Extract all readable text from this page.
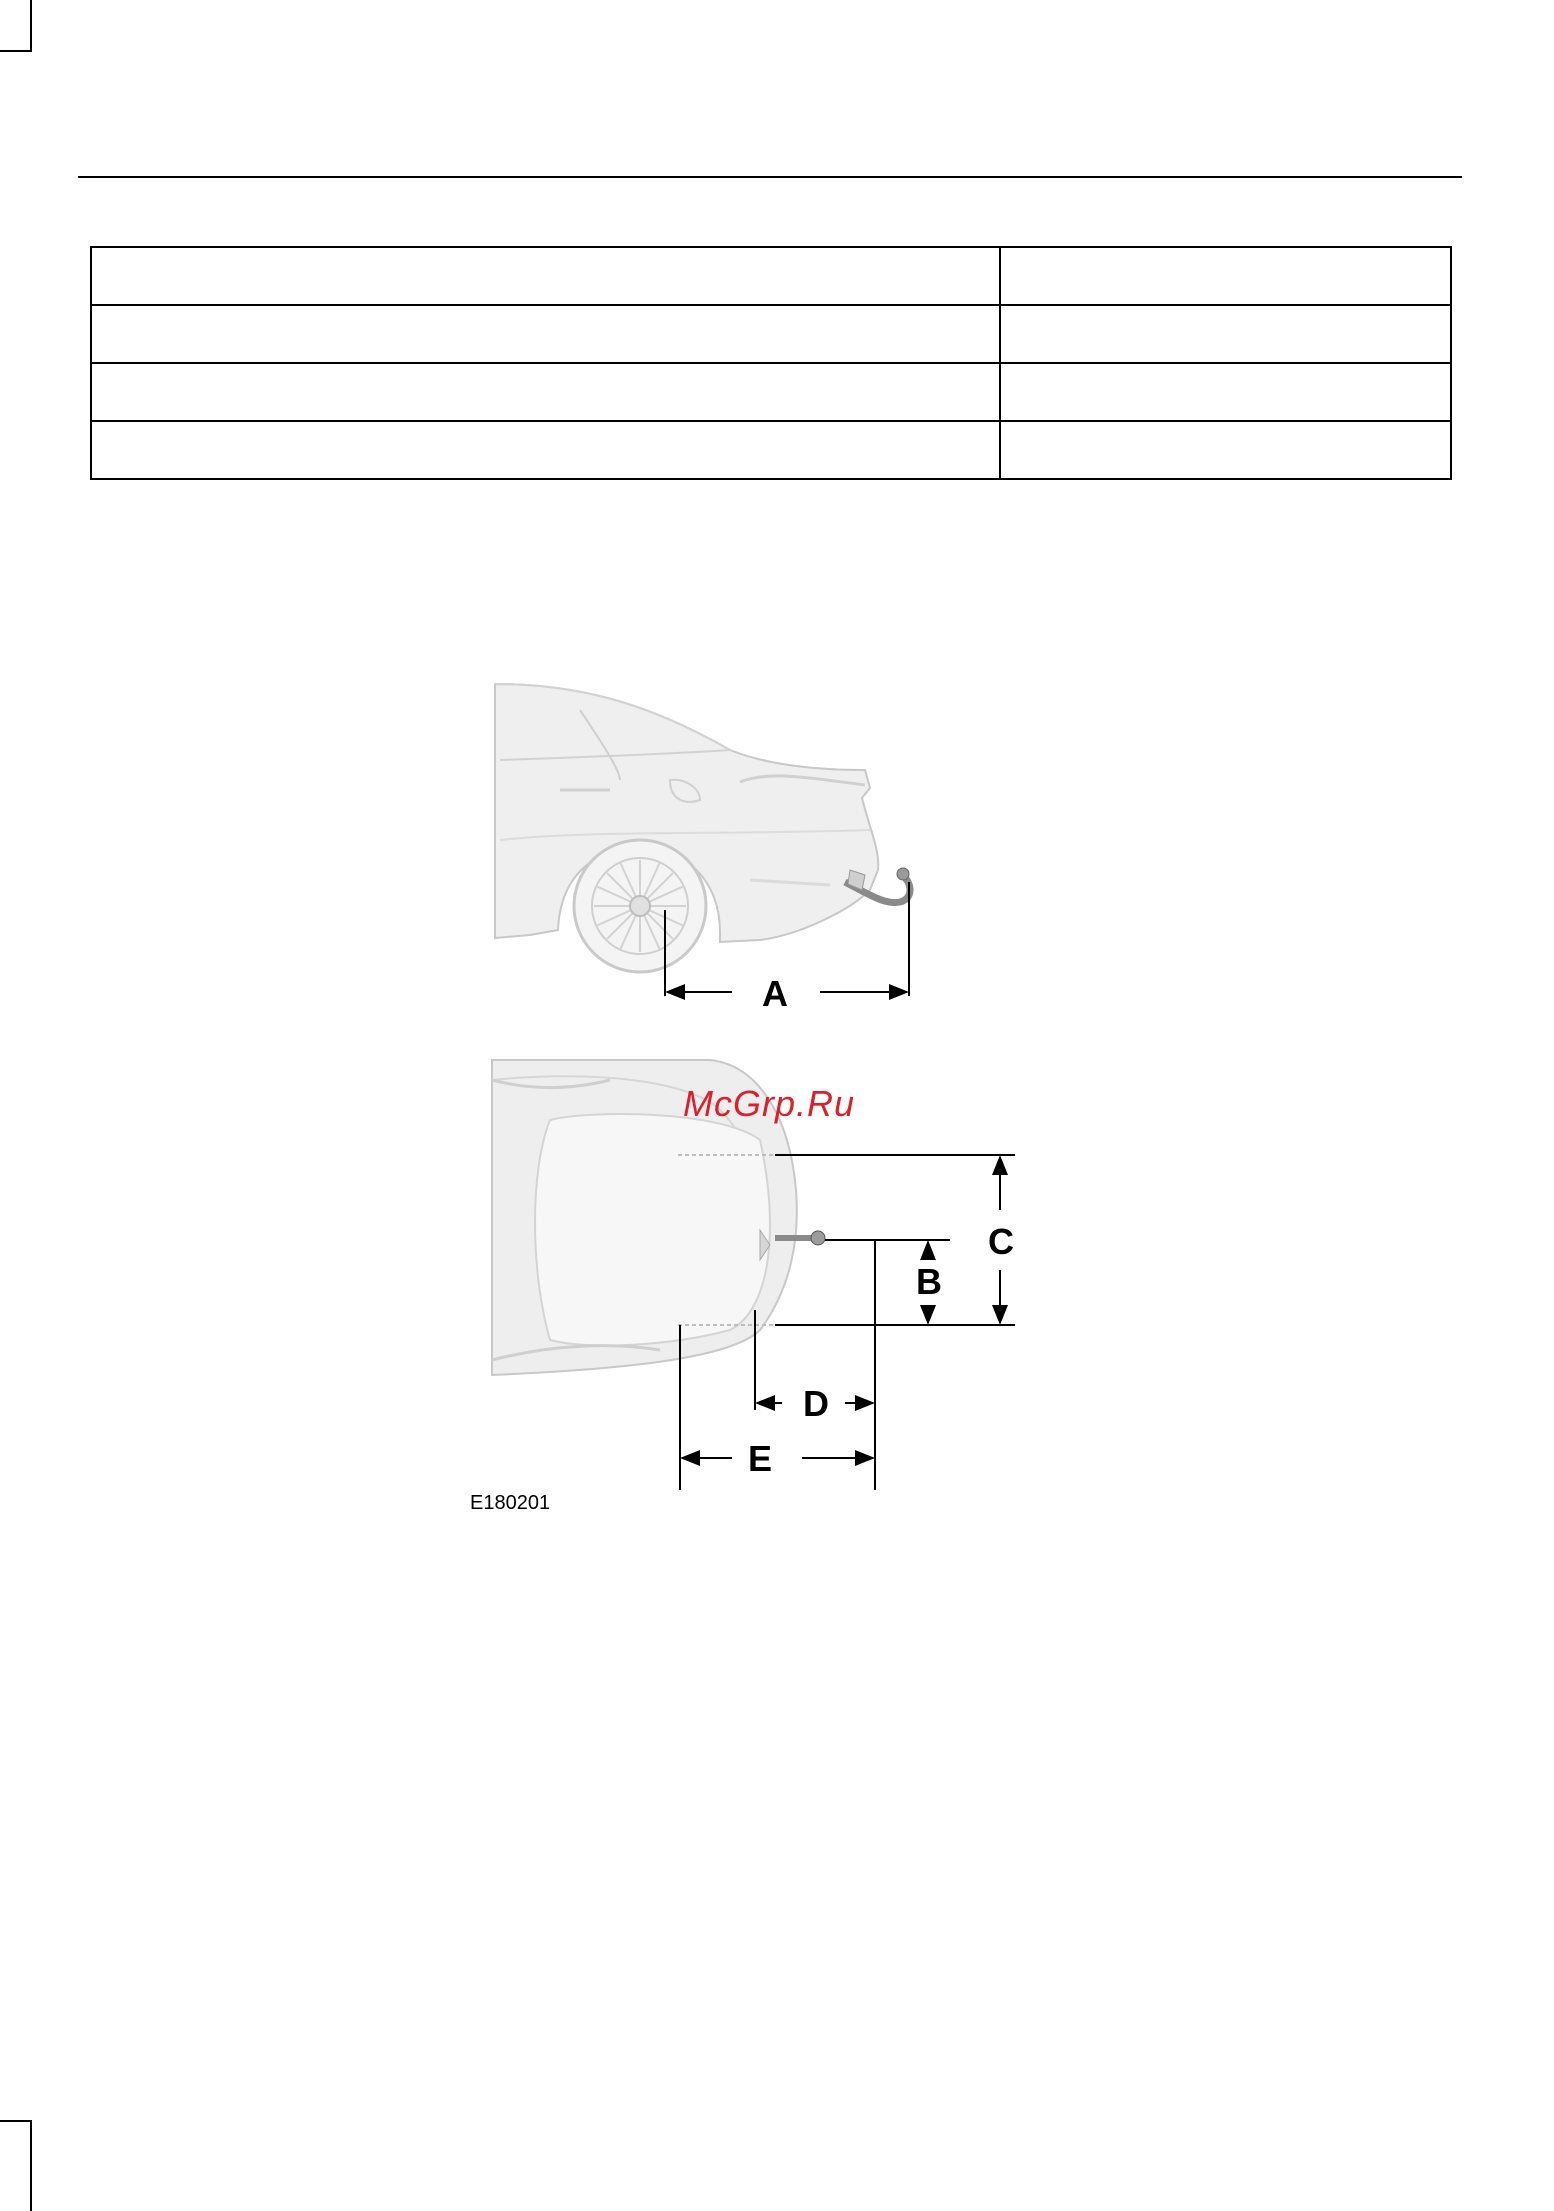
A
C
B
D
E
McGrp.Ru
E180201
